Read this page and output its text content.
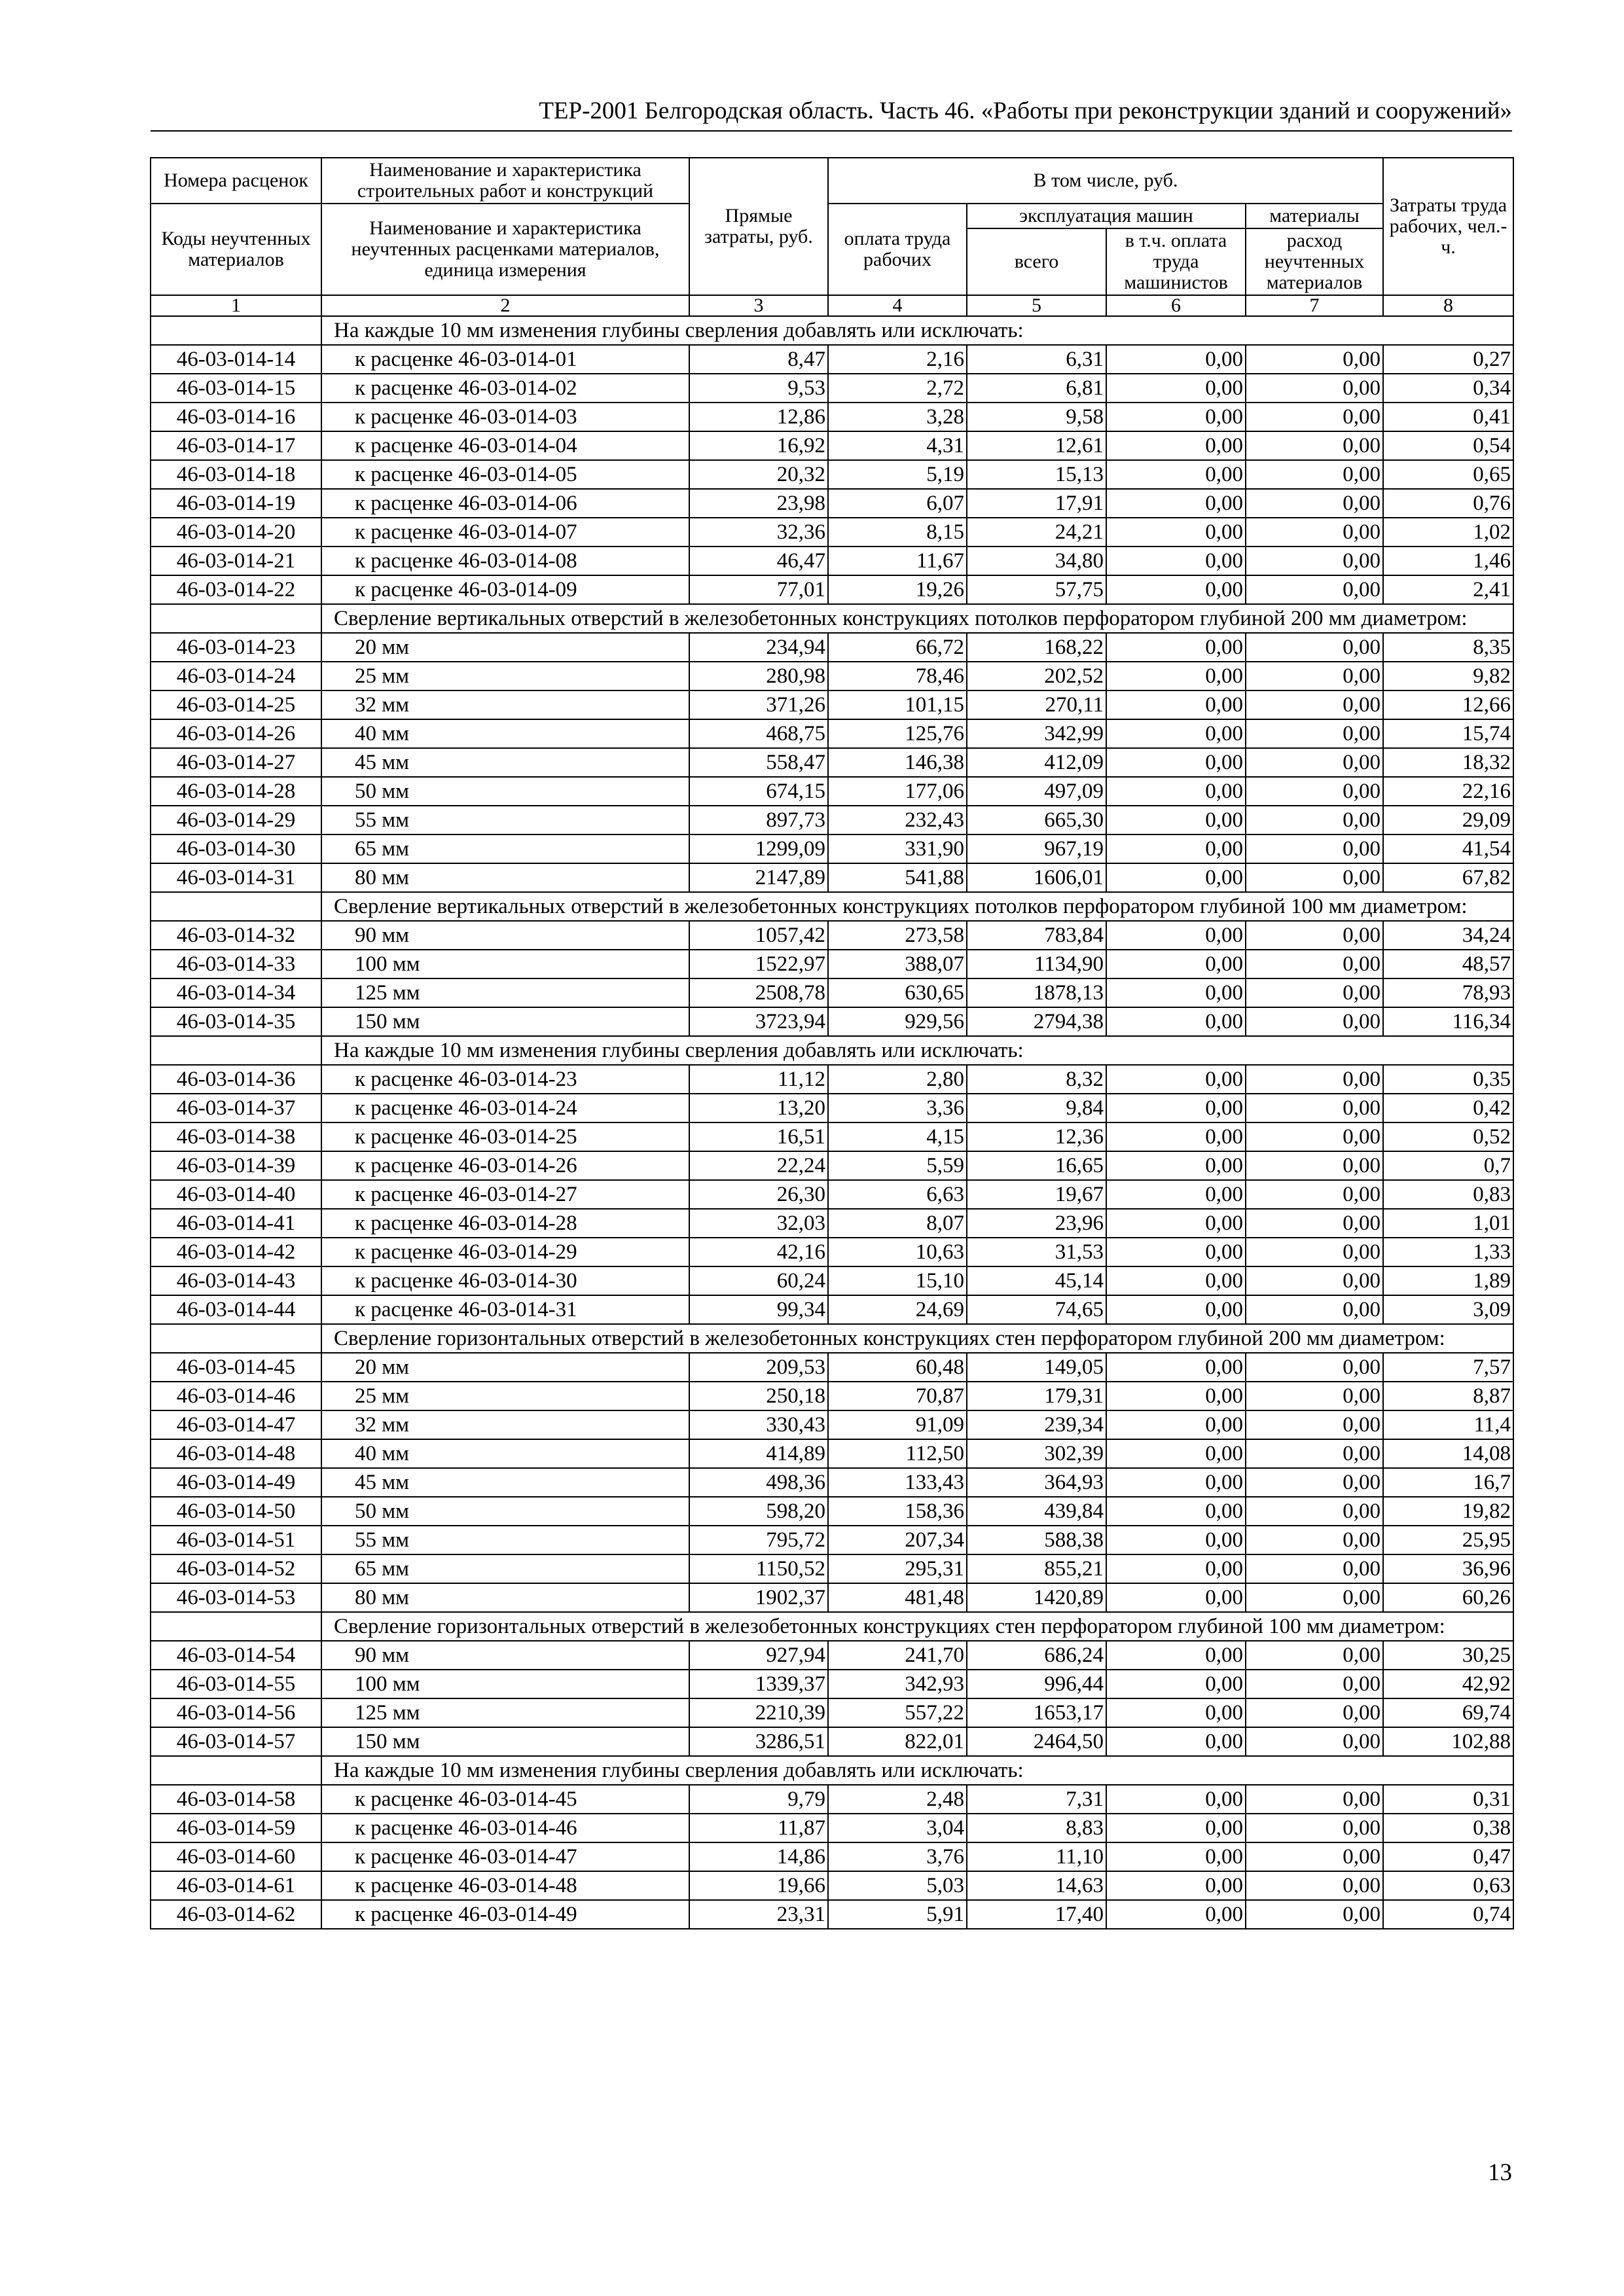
ТЕР-2001 Белгородская область. Часть 46. «Работы при реконструкции зданий и сооружений»
Номера расценок	Наименование и характеристика строительных работ и конструкций	Прямые затраты, руб.	В том числе, руб.				Затраты труда рабочих, чел.-ч.
Коды неучтенных материалов	Наименование и характеристика неучтенных расценками материалов, единица измерения		оплата труда рабочих	эксплуатация машин		материалы	
				всего	в т.ч. оплата труда машинистов	расход неучтенных материалов	
1	2	3	4	5	6	7	8
	На каждые 10 мм изменения глубины сверления добавлять или исключать:						
46-03-014-14	к расценке 46-03-014-01	8,47	2,16	6,31	0,00	0,00	0,27
46-03-014-15	к расценке 46-03-014-02	9,53	2,72	6,81	0,00	0,00	0,34
46-03-014-16	к расценке 46-03-014-03	12,86	3,28	9,58	0,00	0,00	0,41
46-03-014-17	к расценке 46-03-014-04	16,92	4,31	12,61	0,00	0,00	0,54
46-03-014-18	к расценке 46-03-014-05	20,32	5,19	15,13	0,00	0,00	0,65
46-03-014-19	к расценке 46-03-014-06	23,98	6,07	17,91	0,00	0,00	0,76
46-03-014-20	к расценке 46-03-014-07	32,36	8,15	24,21	0,00	0,00	1,02
46-03-014-21	к расценке 46-03-014-08	46,47	11,67	34,80	0,00	0,00	1,46
46-03-014-22	к расценке 46-03-014-09	77,01	19,26	57,75	0,00	0,00	2,41
	Сверление вертикальных отверстий в железобетонных конструкциях потолков перфоратором глубиной 200 мм диаметром:						
46-03-014-23	20 мм	234,94	66,72	168,22	0,00	0,00	8,35
46-03-014-24	25 мм	280,98	78,46	202,52	0,00	0,00	9,82
46-03-014-25	32 мм	371,26	101,15	270,11	0,00	0,00	12,66
46-03-014-26	40 мм	468,75	125,76	342,99	0,00	0,00	15,74
46-03-014-27	45 мм	558,47	146,38	412,09	0,00	0,00	18,32
46-03-014-28	50 мм	674,15	177,06	497,09	0,00	0,00	22,16
46-03-014-29	55 мм	897,73	232,43	665,30	0,00	0,00	29,09
46-03-014-30	65 мм	1299,09	331,90	967,19	0,00	0,00	41,54
46-03-014-31	80 мм	2147,89	541,88	1606,01	0,00	0,00	67,82
	Сверление вертикальных отверстий в железобетонных конструкциях потолков перфоратором глубиной 100 мм диаметром:						
46-03-014-32	90 мм	1057,42	273,58	783,84	0,00	0,00	34,24
46-03-014-33	100 мм	1522,97	388,07	1134,90	0,00	0,00	48,57
46-03-014-34	125 мм	2508,78	630,65	1878,13	0,00	0,00	78,93
46-03-014-35	150 мм	3723,94	929,56	2794,38	0,00	0,00	116,34
	На каждые 10 мм изменения глубины сверления добавлять или исключать:						
46-03-014-36	к расценке 46-03-014-23	11,12	2,80	8,32	0,00	0,00	0,35
46-03-014-37	к расценке 46-03-014-24	13,20	3,36	9,84	0,00	0,00	0,42
46-03-014-38	к расценке 46-03-014-25	16,51	4,15	12,36	0,00	0,00	0,52
46-03-014-39	к расценке 46-03-014-26	22,24	5,59	16,65	0,00	0,00	0,7
46-03-014-40	к расценке 46-03-014-27	26,30	6,63	19,67	0,00	0,00	0,83
46-03-014-41	к расценке 46-03-014-28	32,03	8,07	23,96	0,00	0,00	1,01
46-03-014-42	к расценке 46-03-014-29	42,16	10,63	31,53	0,00	0,00	1,33
46-03-014-43	к расценке 46-03-014-30	60,24	15,10	45,14	0,00	0,00	1,89
46-03-014-44	к расценке 46-03-014-31	99,34	24,69	74,65	0,00	0,00	3,09
	Сверление горизонтальных отверстий в железобетонных конструкциях стен перфоратором глубиной 200 мм диаметром:						
46-03-014-45	20 мм	209,53	60,48	149,05	0,00	0,00	7,57
46-03-014-46	25 мм	250,18	70,87	179,31	0,00	0,00	8,87
46-03-014-47	32 мм	330,43	91,09	239,34	0,00	0,00	11,4
46-03-014-48	40 мм	414,89	112,50	302,39	0,00	0,00	14,08
46-03-014-49	45 мм	498,36	133,43	364,93	0,00	0,00	16,7
46-03-014-50	50 мм	598,20	158,36	439,84	0,00	0,00	19,82
46-03-014-51	55 мм	795,72	207,34	588,38	0,00	0,00	25,95
46-03-014-52	65 мм	1150,52	295,31	855,21	0,00	0,00	36,96
46-03-014-53	80 мм	1902,37	481,48	1420,89	0,00	0,00	60,26
	Сверление горизонтальных отверстий в железобетонных конструкциях стен перфоратором глубиной 100 мм диаметром:						
46-03-014-54	90 мм	927,94	241,70	686,24	0,00	0,00	30,25
46-03-014-55	100 мм	1339,37	342,93	996,44	0,00	0,00	42,92
46-03-014-56	125 мм	2210,39	557,22	1653,17	0,00	0,00	69,74
46-03-014-57	150 мм	3286,51	822,01	2464,50	0,00	0,00	102,88
	На каждые 10 мм изменения глубины сверления добавлять или исключать:						
46-03-014-58	к расценке 46-03-014-45	9,79	2,48	7,31	0,00	0,00	0,31
46-03-014-59	к расценке 46-03-014-46	11,87	3,04	8,83	0,00	0,00	0,38
46-03-014-60	к расценке 46-03-014-47	14,86	3,76	11,10	0,00	0,00	0,47
46-03-014-61	к расценке 46-03-014-48	19,66	5,03	14,63	0,00	0,00	0,63
46-03-014-62	к расценке 46-03-014-49	23,31	5,91	17,40	0,00	0,00	0,74
13
